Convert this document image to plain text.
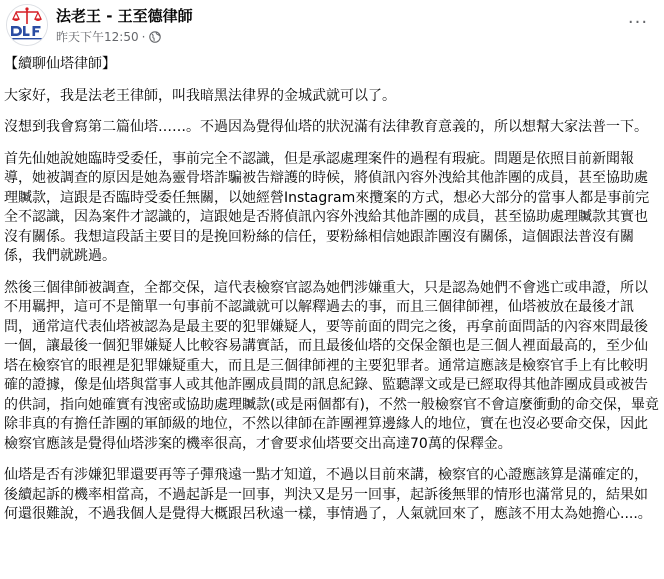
法老王 - 王至德律師
昨天下午12:50 ·
···

【續聊仙塔律師】

大家好，我是法老王律師，叫我暗黑法律界的金城武就可以了。

沒想到我會寫第二篇仙塔……。不過因為覺得仙塔的狀況滿有法律教育意義的，所以想幫大家法普一下。

首先仙她說她臨時受委任，事前完全不認識，但是承認處理案件的過程有瑕疵。問題是依照目前新聞報導，她被調查的原因是她為靈骨塔詐騙被告辯護的時候，將偵訊內容外洩給其他詐團的成員，甚至協助處理贓款，這跟是否臨時受委任無關，以她經營Instagram來攬案的方式，想必大部分的當事人都是事前完全不認識，因為案件才認識的，這跟她是否將偵訊內容外洩給其他詐團的成員，甚至協助處理贓款其實也沒有關係。我想這段話主要目的是挽回粉絲的信任，要粉絲相信她跟詐團沒有關係，這個跟法普沒有關係，我們就跳過。

然後三個律師被調查，全都交保，這代表檢察官認為她們涉嫌重大，只是認為她們不會逃亡或串證，所以不用羈押，這可不是簡單一句事前不認識就可以解釋過去的事，而且三個律師裡，仙塔被放在最後才訊問，通常這代表仙塔被認為是最主要的犯罪嫌疑人，要等前面的問完之後，再拿前面問話的內容來問最後一個，讓最後一個犯罪嫌疑人比較容易講實話，而且最後仙塔的交保金額也是三個人裡面最高的，至少仙塔在檢察官的眼裡是犯罪嫌疑重大，而且是三個律師裡的主要犯罪者。通常這應該是檢察官手上有比較明確的證據，像是仙塔與當事人或其他詐團成員間的訊息紀錄、監聽譯文或是已經取得其他詐團成員或被告的供詞，指向她確實有洩密或協助處理贓款(或是兩個都有)，不然一般檢察官不會這麼衝動的命交保，畢竟除非真的有擔任詐團的軍師級的地位，不然以律師在詐團裡算邊緣人的地位，實在也沒必要命交保，因此檢察官應該是覺得仙塔涉案的機率很高，才會要求仙塔要交出高達70萬的保釋金。

仙塔是否有涉嫌犯罪還要再等子彈飛遠一點才知道，不過以目前來講，檢察官的心證應該算是滿確定的，後續起訴的機率相當高，不過起訴是一回事，判決又是另一回事，起訴後無罪的情形也滿常見的，結果如何還很難說，不過我個人是覺得大概跟呂秋遠一樣，事情過了，人氣就回來了，應該不用太為她擔心....。
